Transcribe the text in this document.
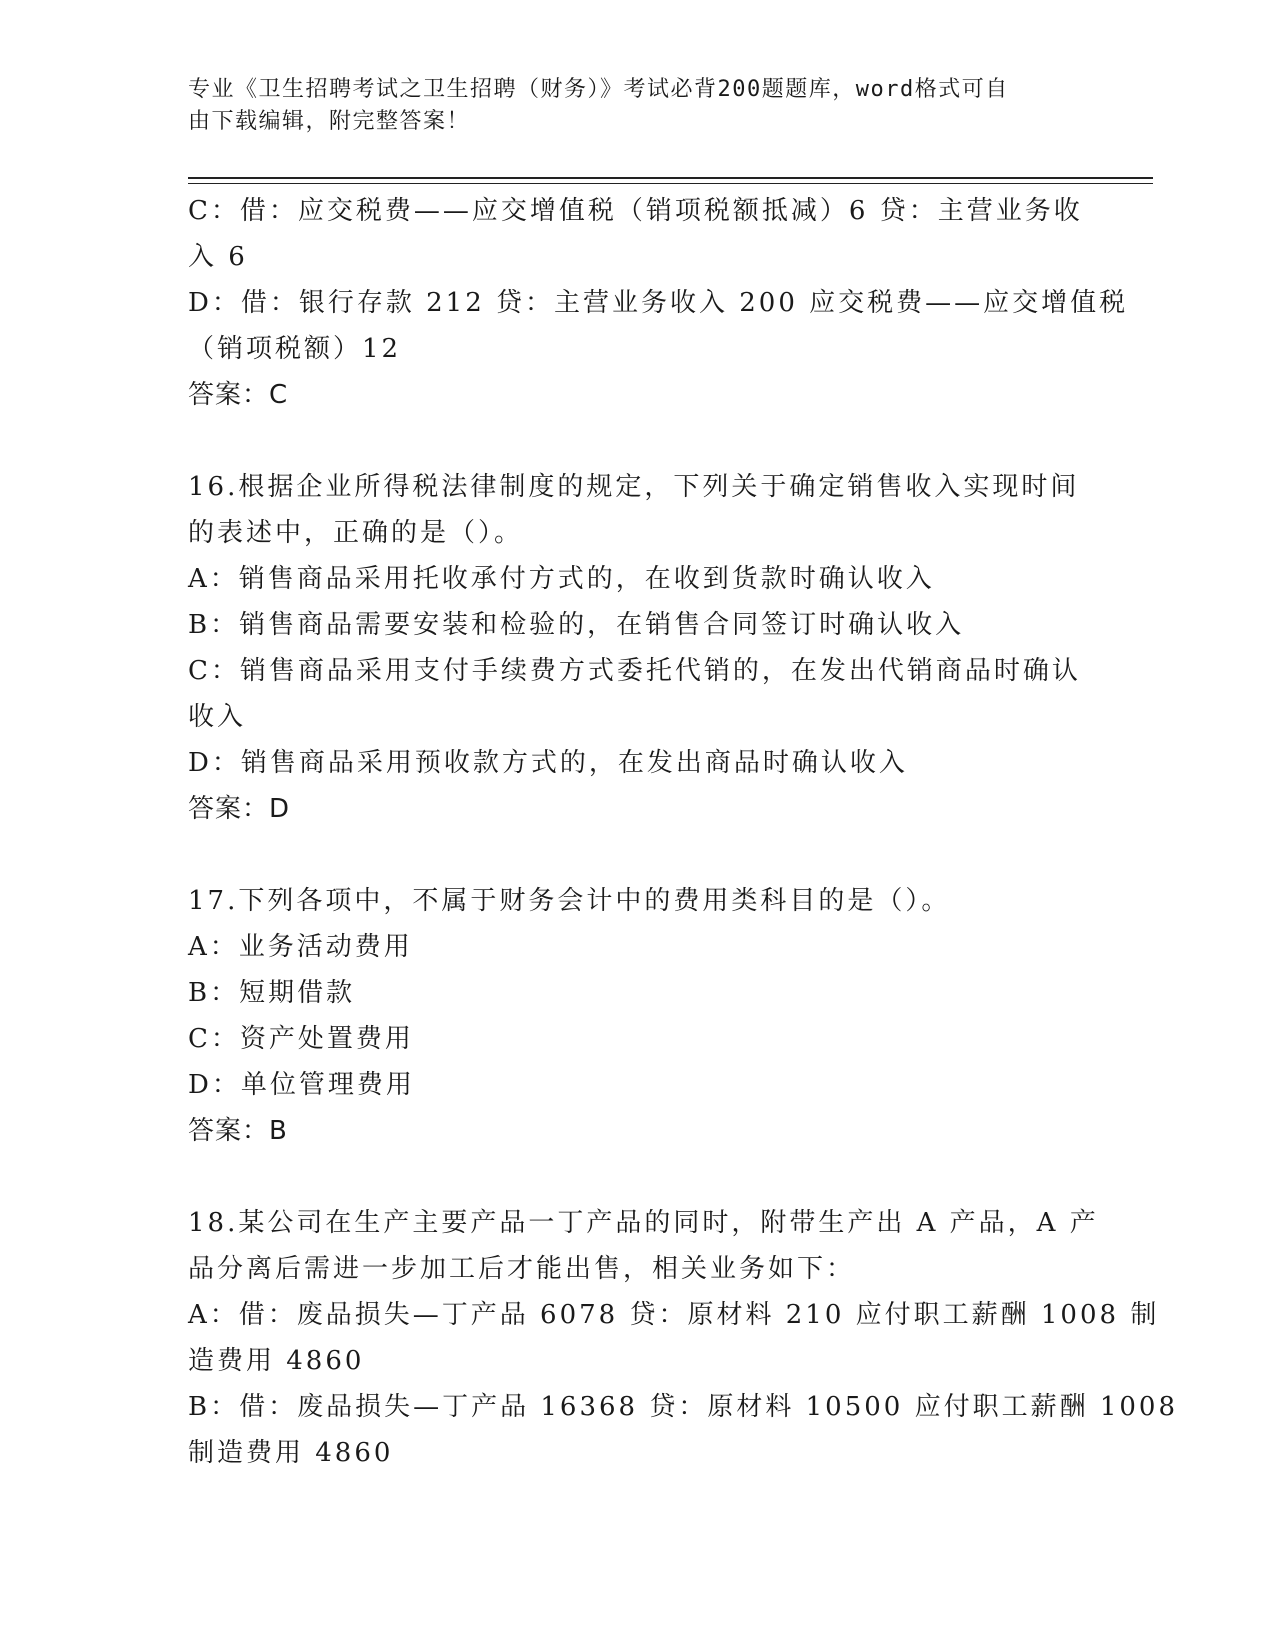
专业《卫生招聘考试之卫生招聘（财务）》考试必背200题题库，word格式可自
由下载编辑，附完整答案！
C：借：应交税费——应交增值税（销项税额抵减）6 贷：主营业务收
入 6
D：借：银行存款 212 贷：主营业务收入 200 应交税费——应交增值税
（销项税额）12
答案：C
16.根据企业所得税法律制度的规定，下列关于确定销售收入实现时间
的表述中，正确的是（）。
A：销售商品采用托收承付方式的，在收到货款时确认收入
B：销售商品需要安装和检验的，在销售合同签订时确认收入
C：销售商品采用支付手续费方式委托代销的，在发出代销商品时确认
收入
D：销售商品采用预收款方式的，在发出商品时确认收入
答案：D
17.下列各项中，不属于财务会计中的费用类科目的是（）。
A：业务活动费用
B：短期借款
C：资产处置费用
D：单位管理费用
答案：B
18.某公司在生产主要产品一丁产品的同时，附带生产出 A 产品，A 产
品分离后需进一步加工后才能出售，相关业务如下：
A：借：废品损失—丁产品 6078 贷：原材料 210 应付职工薪酬 1008 制
造费用 4860
B：借：废品损失—丁产品 16368 贷：原材料 10500 应付职工薪酬 1008
制造费用 4860
